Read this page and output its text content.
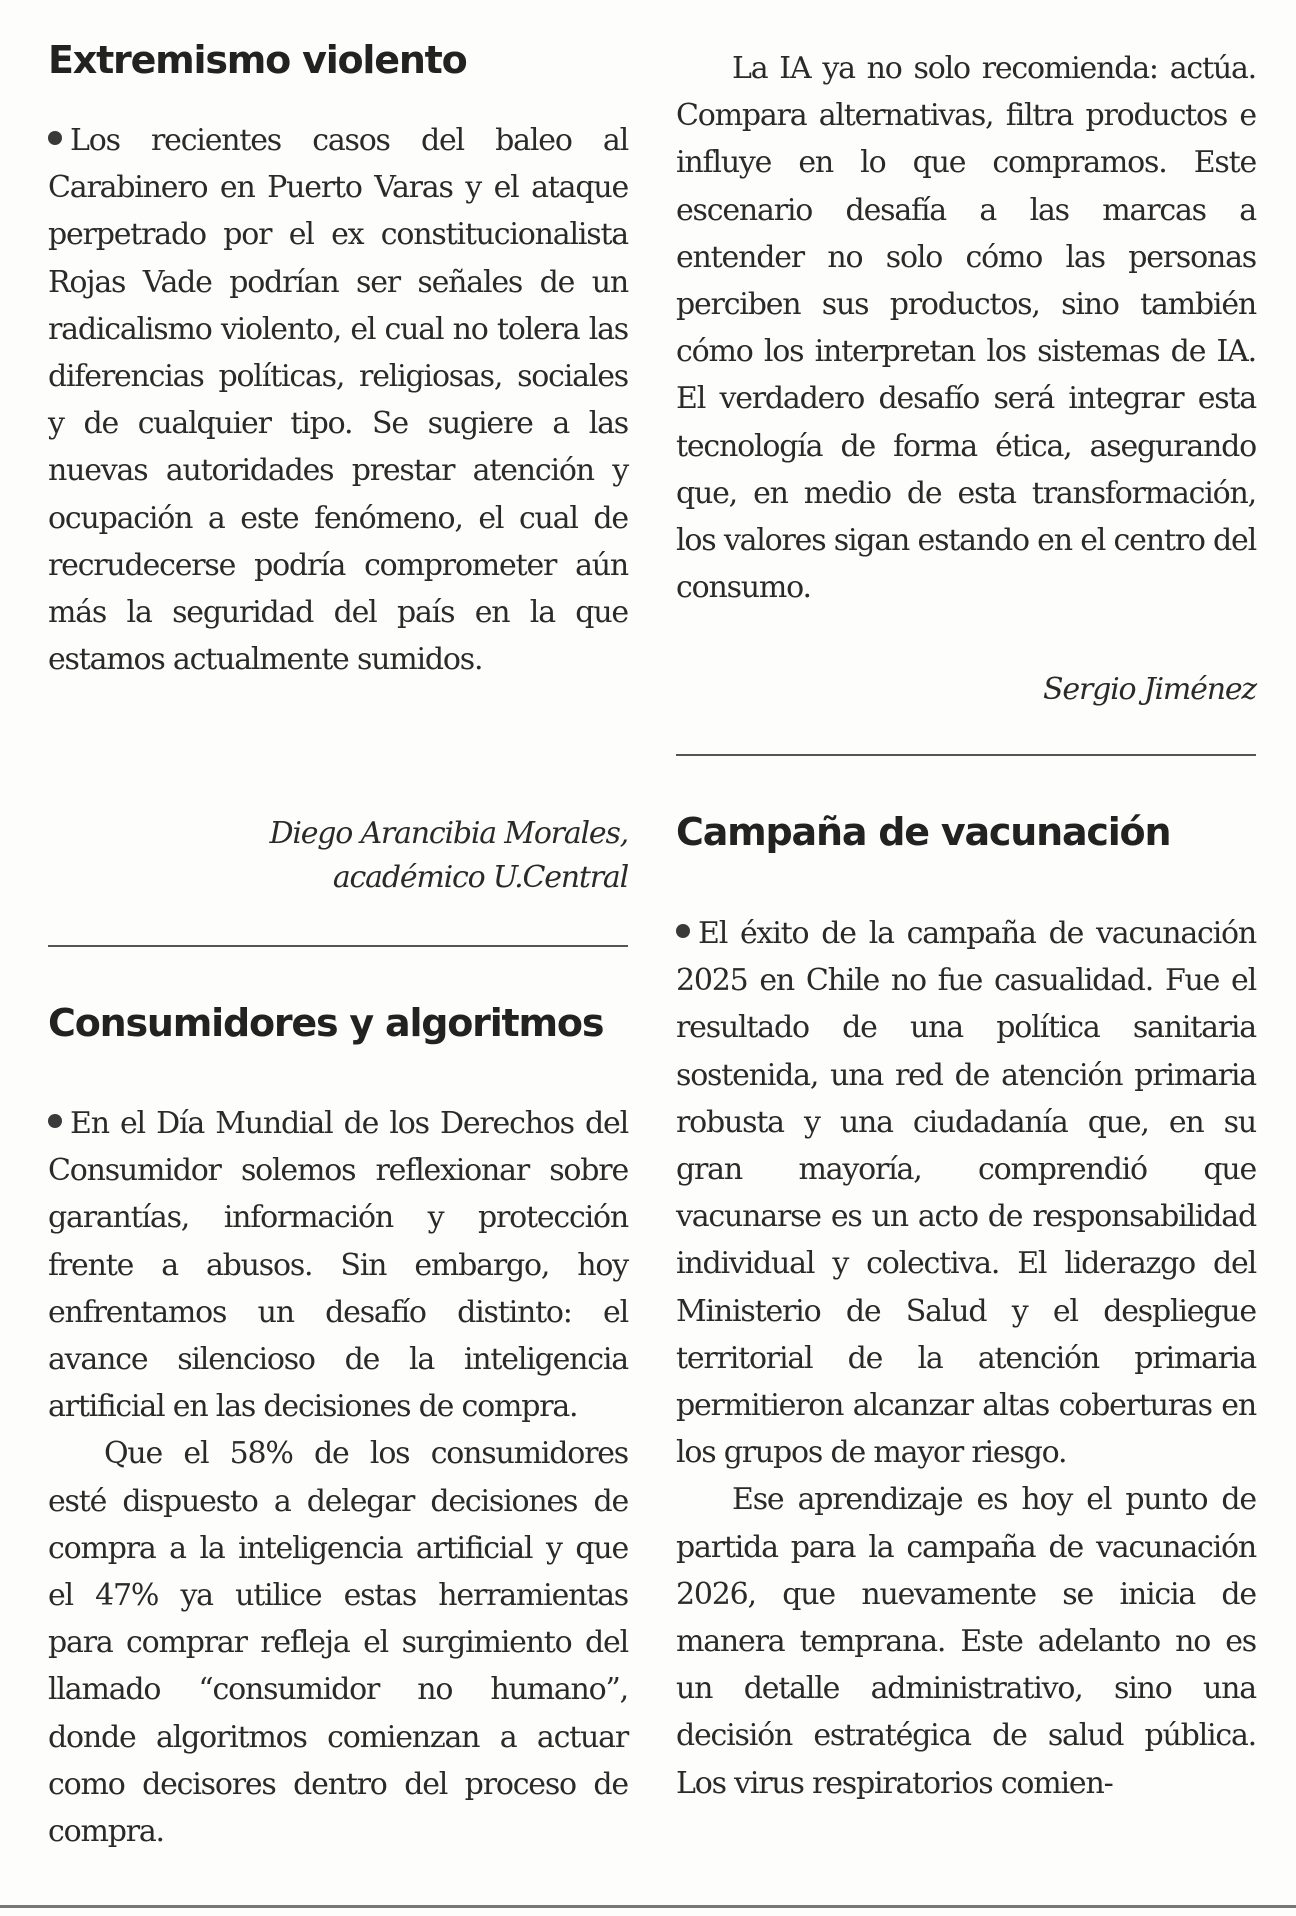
Extremismo violento

Los recientes casos del baleo al Carabinero en Puerto Varas y el ataque perpetrado por el ex constitucionalista Rojas Vade podrían ser señales de un radicalismo violento, el cual no tolera las diferencias políticas, religiosas, sociales y de cualquier tipo. Se sugiere a las nuevas autoridades prestar atención y ocupación a este fenómeno, el cual de recrudecerse podría comprometer aún más la seguridad del país en la que estamos actualmente sumidos.

Diego Arancibia Morales,

académico U.Central

Consumidores y algoritmos

En el Día Mundial de los Derechos del Consumidor solemos reflexionar sobre garantías, información y protección frente a abusos. Sin embargo, hoy enfrentamos un desafío distinto: el avance silencioso de la inteligencia artificial en las decisiones de compra.

Que el 58% de los consumidores esté dispuesto a delegar decisiones de compra a la inteligencia artificial y que el 47% ya utilice estas herramientas para comprar refleja el surgimiento del llamado “consumidor no humano”, donde algoritmos comienzan a actuar como decisores dentro del proceso de compra.

La IA ya no solo recomienda: actúa. Compara alternativas, filtra productos e influye en lo que compramos. Este escenario desafía a las marcas a entender no solo cómo las personas perciben sus productos, sino también cómo los interpretan los sistemas de IA. El verdadero desafío será integrar esta tecnología de forma ética, asegurando que, en medio de esta transformación, los valores sigan estando en el centro del consumo.

Sergio Jiménez

Campaña de vacunación

El éxito de la campaña de vacunación 2025 en Chile no fue casualidad. Fue el resultado de una política sanitaria sostenida, una red de atención primaria robusta y una ciudadanía que, en su gran mayoría, comprendió que vacunarse es un acto de responsabilidad individual y colectiva. El liderazgo del Ministerio de Salud y el despliegue territorial de la atención primaria permitieron alcanzar altas coberturas en los grupos de mayor riesgo.

Ese aprendizaje es hoy el punto de partida para la campaña de vacunación 2026, que nuevamente se inicia de manera temprana. Este adelanto no es un detalle administrativo, sino una decisión estratégica de salud pública. Los virus respiratorios comien-
